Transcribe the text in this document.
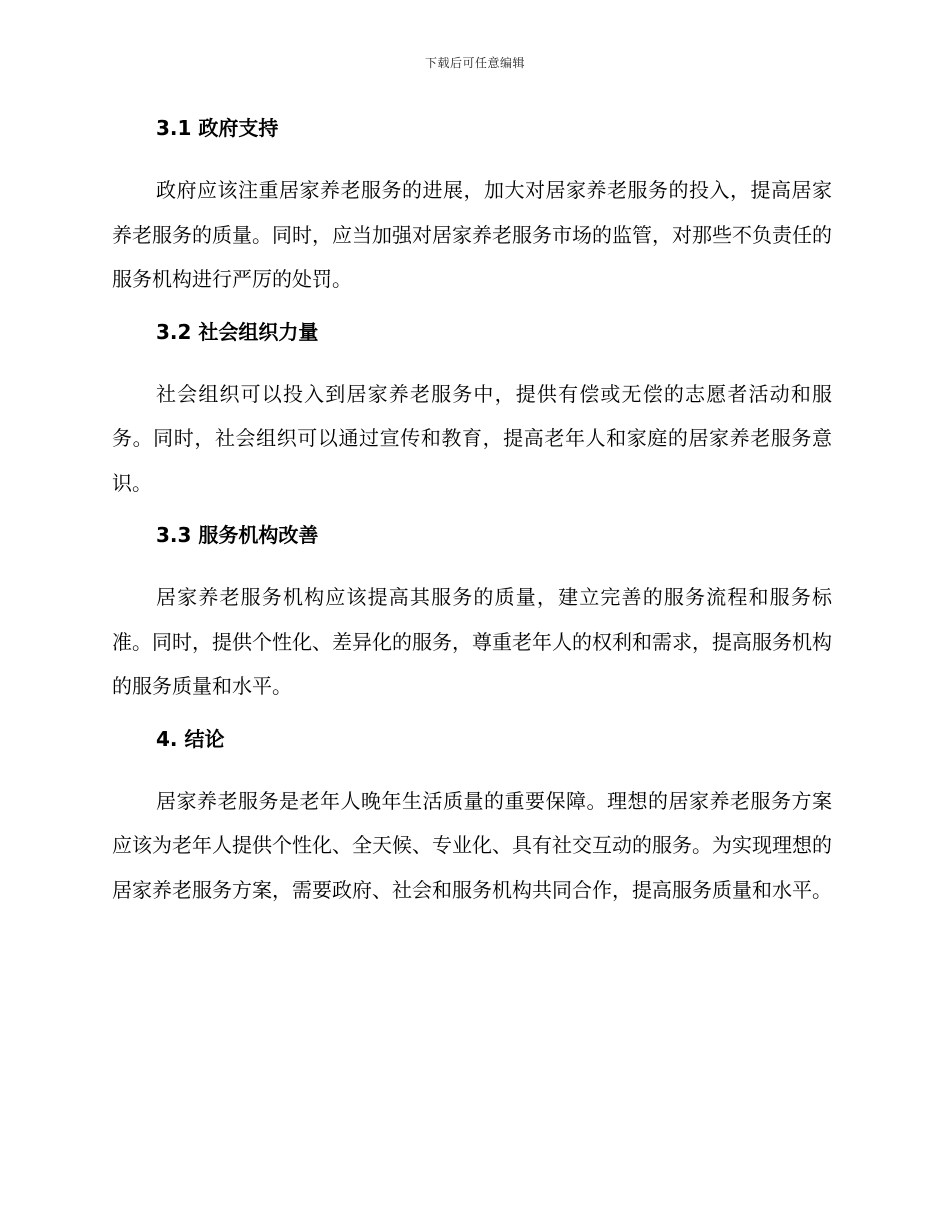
下载后可任意编辑
3.1 政府支持

政府应该注重居家养老服务的进展，加大对居家养老服务的投入，提高居家养老服务的质量。同时，应当加强对居家养老服务市场的监管，对那些不负责任的服务机构进行严厉的处罚。

3.2 社会组织力量

社会组织可以投入到居家养老服务中，提供有偿或无偿的志愿者活动和服务。同时，社会组织可以通过宣传和教育，提高老年人和家庭的居家养老服务意识。

3.3 服务机构改善

居家养老服务机构应该提高其服务的质量，建立完善的服务流程和服务标准。同时，提供个性化、差异化的服务，尊重老年人的权利和需求，提高服务机构的服务质量和水平。

4. 结论

居家养老服务是老年人晚年生活质量的重要保障。理想的居家养老服务方案应该为老年人提供个性化、全天候、专业化、具有社交互动的服务。为实现理想的居家养老服务方案，需要政府、社会和服务机构共同合作，提高服务质量和水平。
